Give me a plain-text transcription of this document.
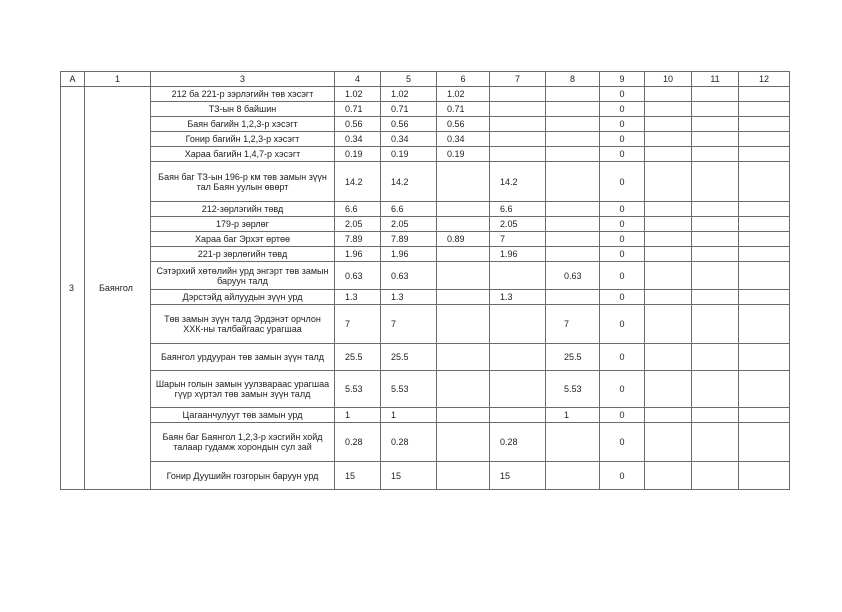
A	1	3	4	5	6	7	8	9	10	11	12
3	Баянгол	212 ба 221-р зэрлэгийн төв хэсэгт	1.02	1.02	1.02			0			
		ТЗ-ын 8 байшин	0.71	0.71	0.71			0			
		Баян багийн 1,2,3-р хэсэгт	0.56	0.56	0.56			0			
		Гонир багийн 1,2,3-р хэсэгт	0.34	0.34	0.34			0			
		Хараа багийн 1,4,7-р хэсэгт	0.19	0.19	0.19			0			
		Баян баг ТЗ-ын 196-р км төв замын зүүн тал Баян уулын өвөрт	14.2	14.2		14.2		0			
		212-зөрлэгийн төвд	6.6	6.6		6.6		0			
		179-р зөрлөг	2.05	2.05		2.05		0			
		Хараа баг Эрхэт өртөө	7.89	7.89	0.89	7		0			
		221-р зөрлөгийн төвд	1.96	1.96		1.96		0			
		Сэтэрхий хөтөлийн урд энгэрт төв замын баруун талд	0.63	0.63			0.63	0			
		Дэрстэйд айлуудын зүүн урд	1.3	1.3		1.3		0			
		Төв замын зүүн талд Эрдэнэт орчлон ХХК-ны талбайгаас урагшаа	7	7			7	0			
		Баянгол урдууран төв замын зүүн талд	25.5	25.5			25.5	0			
		Шарын голын замын уулзвараас урагшаа гүүр хүртэл төв замын зүүн талд	5.53	5.53			5.53	0			
		Цагаанчулуут төв замын урд	1	1			1	0			
		Баян баг Баянгол 1,2,3-р хэсгийн хойд талаар гудамж хорондын сул зай	0.28	0.28		0.28		0			
		Гонир Дуушийн гозгорын баруун урд	15	15		15		0			
